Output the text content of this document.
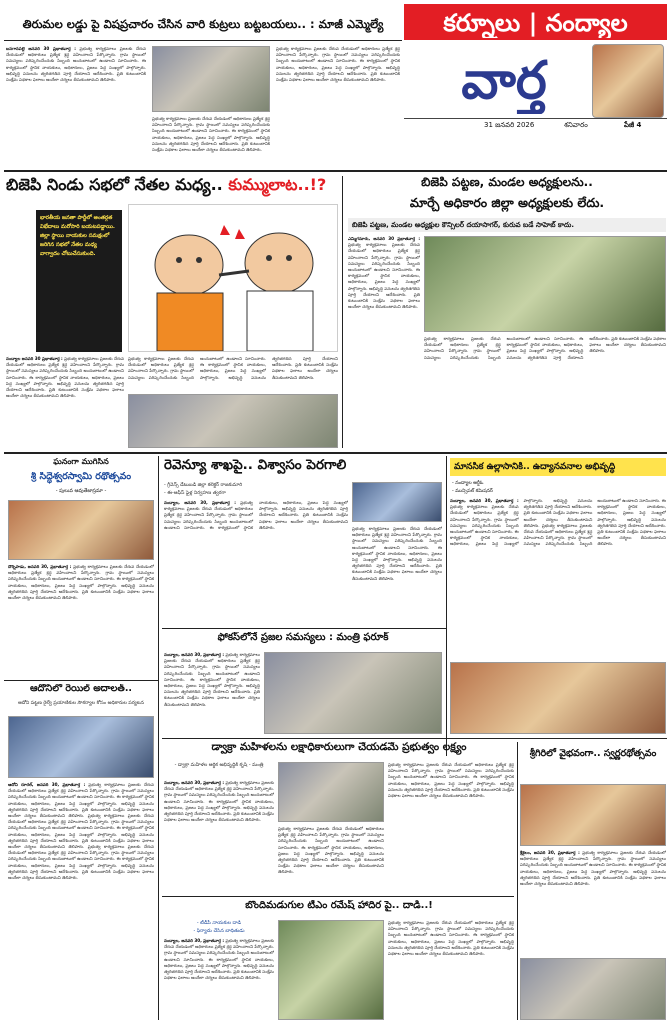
కర్నూలు | నంద్యాల
వార్త
31 జనవరి 2026	శనివారం	పేజీ 4
తిరుమల లడ్డు పై విషప్రచారం చేసిన వారి కుట్రలు బట్టబయలు.. : మాజీ ఎమ్మెల్యే
బనగానపల్లె జనవరి 30 ప్రభాతవార్త : ప్రభుత్వ కార్యక్రమాలు ప్రజలకు చేరువ చేయడంలో అధికారులు ప్రత్యేక శ్రద్ధ వహించాలని పేర్కొన్నారు. గ్రామ స్థాయిలో సమస్యలు పరిష్కరించేందుకు సిబ్బంది అందుబాటులో ఉండాలని సూచించారు. ఈ కార్యక్రమంలో స్థానిక నాయకులు, అధికారులు, ప్రజలు పెద్ద సంఖ్యలో పాల్గొన్నారు. అభివృద్ధి పనులను త్వరితగతిన పూర్తి చేయాలని ఆదేశించారు. ప్రతి కుటుంబానికి సంక్షేమ పథకాల ఫలాలు అందేలా చర్యలు తీసుకుంటామని తెలిపారు.
ప్రభుత్వ కార్యక్రమాలు ప్రజలకు చేరువ చేయడంలో అధికారులు ప్రత్యేక శ్రద్ధ వహించాలని పేర్కొన్నారు. గ్రామ స్థాయిలో సమస్యలు పరిష్కరించేందుకు సిబ్బంది అందుబాటులో ఉండాలని సూచించారు. ఈ కార్యక్రమంలో స్థానిక నాయకులు, అధికారులు, ప్రజలు పెద్ద సంఖ్యలో పాల్గొన్నారు. అభివృద్ధి పనులను త్వరితగతిన పూర్తి చేయాలని ఆదేశించారు. ప్రతి కుటుంబానికి సంక్షేమ పథకాల ఫలాలు అందేలా చర్యలు తీసుకుంటామని తెలిపారు.
ప్రభుత్వ కార్యక్రమాలు ప్రజలకు చేరువ చేయడంలో అధికారులు ప్రత్యేక శ్రద్ధ వహించాలని పేర్కొన్నారు. గ్రామ స్థాయిలో సమస్యలు పరిష్కరించేందుకు సిబ్బంది అందుబాటులో ఉండాలని సూచించారు. ఈ కార్యక్రమంలో స్థానిక నాయకులు, అధికారులు, ప్రజలు పెద్ద సంఖ్యలో పాల్గొన్నారు. అభివృద్ధి పనులను త్వరితగతిన పూర్తి చేయాలని ఆదేశించారు. ప్రతి కుటుంబానికి సంక్షేమ పథకాల ఫలాలు అందేలా చర్యలు తీసుకుంటామని తెలిపారు.
బిజెపి నిండు సభలో నేతల మధ్య.. కుమ్ములాట..!?
భారతీయ జనతా పార్టీలో అంతర్గత విభేదాలు మరోసారి బయటపడ్డాయి. జిల్లా స్థాయి నాయకుల సమక్షంలో జరిగిన సభలో నేతల మధ్య వాగ్వాదం చోటుచేసుకుంది.
ప్రభుత్వ కార్యక్రమాలు ప్రజలకు చేరువ చేయడంలో అధికారులు ప్రత్యేక శ్రద్ధ వహించాలని పేర్కొన్నారు. గ్రామ స్థాయిలో సమస్యలు పరిష్కరించేందుకు సిబ్బంది అందుబాటులో ఉండాలని సూచించారు. ఈ కార్యక్రమంలో స్థానిక నాయకులు, అధికారులు, ప్రజలు పెద్ద సంఖ్యలో పాల్గొన్నారు. అభివృద్ధి పనులను త్వరితగతిన పూర్తి చేయాలని ఆదేశించారు. ప్రతి కుటుంబానికి సంక్షేమ పథకాల ఫలాలు అందేలా చర్యలు తీసుకుంటామని తెలిపారు.
నంద్యాల జనవరి 30 ప్రభాతవార్త : ప్రభుత్వ కార్యక్రమాలు ప్రజలకు చేరువ చేయడంలో అధికారులు ప్రత్యేక శ్రద్ధ వహించాలని పేర్కొన్నారు. గ్రామ స్థాయిలో సమస్యలు పరిష్కరించేందుకు సిబ్బంది అందుబాటులో ఉండాలని సూచించారు. ఈ కార్యక్రమంలో స్థానిక నాయకులు, అధికారులు, ప్రజలు పెద్ద సంఖ్యలో పాల్గొన్నారు. అభివృద్ధి పనులను త్వరితగతిన పూర్తి చేయాలని ఆదేశించారు. ప్రతి కుటుంబానికి సంక్షేమ పథకాల ఫలాలు అందేలా చర్యలు తీసుకుంటామని తెలిపారు.
బిజెపి పట్టణ, మండల అధ్యక్షులను..
మార్చే అధికారం జిల్లా అధ్యక్షులకు లేదు.
బిజెపి పట్టణ, మండల అధ్యక్షుల కౌన్సిలర్ దయాసాగర్, కురువ బడే సాహెబ్ కాదు.
ఎమ్మిగనూరు, జనవరి 30 ప్రభాతవార్త : ప్రభుత్వ కార్యక్రమాలు ప్రజలకు చేరువ చేయడంలో అధికారులు ప్రత్యేక శ్రద్ధ వహించాలని పేర్కొన్నారు. గ్రామ స్థాయిలో సమస్యలు పరిష్కరించేందుకు సిబ్బంది అందుబాటులో ఉండాలని సూచించారు. ఈ కార్యక్రమంలో స్థానిక నాయకులు, అధికారులు, ప్రజలు పెద్ద సంఖ్యలో పాల్గొన్నారు. అభివృద్ధి పనులను త్వరితగతిన పూర్తి చేయాలని ఆదేశించారు. ప్రతి కుటుంబానికి సంక్షేమ పథకాల ఫలాలు అందేలా చర్యలు తీసుకుంటామని తెలిపారు.
ప్రభుత్వ కార్యక్రమాలు ప్రజలకు చేరువ చేయడంలో అధికారులు ప్రత్యేక శ్రద్ధ వహించాలని పేర్కొన్నారు. గ్రామ స్థాయిలో సమస్యలు పరిష్కరించేందుకు సిబ్బంది అందుబాటులో ఉండాలని సూచించారు. ఈ కార్యక్రమంలో స్థానిక నాయకులు, అధికారులు, ప్రజలు పెద్ద సంఖ్యలో పాల్గొన్నారు. అభివృద్ధి పనులను త్వరితగతిన పూర్తి చేయాలని ఆదేశించారు. ప్రతి కుటుంబానికి సంక్షేమ పథకాల ఫలాలు అందేలా చర్యలు తీసుకుంటామని తెలిపారు.
ఘనంగా ముగిసిన
శ్రీ సిద్ధేశ్వరస్వామి రథోత్సవం
- పులువ ఆవుతేజాస్రమా -
దొర్నిపాడు, జనవరి 30, ప్రభాతవార్త : ప్రభుత్వ కార్యక్రమాలు ప్రజలకు చేరువ చేయడంలో అధికారులు ప్రత్యేక శ్రద్ధ వహించాలని పేర్కొన్నారు. గ్రామ స్థాయిలో సమస్యలు పరిష్కరించేందుకు సిబ్బంది అందుబాటులో ఉండాలని సూచించారు. ఈ కార్యక్రమంలో స్థానిక నాయకులు, అధికారులు, ప్రజలు పెద్ద సంఖ్యలో పాల్గొన్నారు. అభివృద్ధి పనులను త్వరితగతిన పూర్తి చేయాలని ఆదేశించారు. ప్రతి కుటుంబానికి సంక్షేమ పథకాల ఫలాలు అందేలా చర్యలు తీసుకుంటామని తెలిపారు.
ఆదోనిలో రెయిల్ అదాలత్..
ఆదోని పట్టణ రైల్వే ప్రయాణికుల సౌకర్యాల కోసం అధికారుల పర్యటన
ఆదోని రూరల్, జనవరి 30, ప్రభాతవార్త : ప్రభుత్వ కార్యక్రమాలు ప్రజలకు చేరువ చేయడంలో అధికారులు ప్రత్యేక శ్రద్ధ వహించాలని పేర్కొన్నారు. గ్రామ స్థాయిలో సమస్యలు పరిష్కరించేందుకు సిబ్బంది అందుబాటులో ఉండాలని సూచించారు. ఈ కార్యక్రమంలో స్థానిక నాయకులు, అధికారులు, ప్రజలు పెద్ద సంఖ్యలో పాల్గొన్నారు. అభివృద్ధి పనులను త్వరితగతిన పూర్తి చేయాలని ఆదేశించారు. ప్రతి కుటుంబానికి సంక్షేమ పథకాల ఫలాలు అందేలా చర్యలు తీసుకుంటామని తెలిపారు. ప్రభుత్వ కార్యక్రమాలు ప్రజలకు చేరువ చేయడంలో అధికారులు ప్రత్యేక శ్రద్ధ వహించాలని పేర్కొన్నారు. గ్రామ స్థాయిలో సమస్యలు పరిష్కరించేందుకు సిబ్బంది అందుబాటులో ఉండాలని సూచించారు. ఈ కార్యక్రమంలో స్థానిక నాయకులు, అధికారులు, ప్రజలు పెద్ద సంఖ్యలో పాల్గొన్నారు. అభివృద్ధి పనులను త్వరితగతిన పూర్తి చేయాలని ఆదేశించారు. ప్రతి కుటుంబానికి సంక్షేమ పథకాల ఫలాలు అందేలా చర్యలు తీసుకుంటామని తెలిపారు. ప్రభుత్వ కార్యక్రమాలు ప్రజలకు చేరువ చేయడంలో అధికారులు ప్రత్యేక శ్రద్ధ వహించాలని పేర్కొన్నారు. గ్రామ స్థాయిలో సమస్యలు పరిష్కరించేందుకు సిబ్బంది అందుబాటులో ఉండాలని సూచించారు. ఈ కార్యక్రమంలో స్థానిక నాయకులు, అధికారులు, ప్రజలు పెద్ద సంఖ్యలో పాల్గొన్నారు. అభివృద్ధి పనులను త్వరితగతిన పూర్తి చేయాలని ఆదేశించారు. ప్రతి కుటుంబానికి సంక్షేమ పథకాల ఫలాలు అందేలా చర్యలు తీసుకుంటామని తెలిపారు.
రెవెన్యూ శాఖపై.. విశ్వాసం పెరగాలి
- గ్రీవెన్స్ డేటుబడి జిల్లా కలెక్టర్ రాజకుమారి
- ఈ-ఆఫీస్ ఫైళ్ల నిర్వహణ త్వరగా
నంద్యాల, జనవరి 30, ప్రభాతవార్త : ప్రభుత్వ కార్యక్రమాలు ప్రజలకు చేరువ చేయడంలో అధికారులు ప్రత్యేక శ్రద్ధ వహించాలని పేర్కొన్నారు. గ్రామ స్థాయిలో సమస్యలు పరిష్కరించేందుకు సిబ్బంది అందుబాటులో ఉండాలని సూచించారు. ఈ కార్యక్రమంలో స్థానిక నాయకులు, అధికారులు, ప్రజలు పెద్ద సంఖ్యలో పాల్గొన్నారు. అభివృద్ధి పనులను త్వరితగతిన పూర్తి చేయాలని ఆదేశించారు. ప్రతి కుటుంబానికి సంక్షేమ పథకాల ఫలాలు అందేలా చర్యలు తీసుకుంటామని తెలిపారు.	ప్రభుత్వ కార్యక్రమాలు ప్రజలకు చేరువ చేయడంలో అధికారులు ప్రత్యేక శ్రద్ధ వహించాలని పేర్కొన్నారు. గ్రామ స్థాయిలో సమస్యలు పరిష్కరించేందుకు సిబ్బంది అందుబాటులో ఉండాలని సూచించారు. ఈ కార్యక్రమంలో స్థానిక నాయకులు, అధికారులు, ప్రజలు పెద్ద సంఖ్యలో పాల్గొన్నారు. అభివృద్ధి పనులను త్వరితగతిన పూర్తి చేయాలని ఆదేశించారు. ప్రతి కుటుంబానికి సంక్షేమ పథకాల ఫలాలు అందేలా చర్యలు తీసుకుంటామని తెలిపారు.
ఫోకస్‌లోనే ప్రజల సమస్యలు : మంత్రి ఫరూక్
నంద్యాల, జనవరి 30, ప్రభాతవార్త : ప్రభుత్వ కార్యక్రమాలు ప్రజలకు చేరువ చేయడంలో అధికారులు ప్రత్యేక శ్రద్ధ వహించాలని పేర్కొన్నారు. గ్రామ స్థాయిలో సమస్యలు పరిష్కరించేందుకు సిబ్బంది అందుబాటులో ఉండాలని సూచించారు. ఈ కార్యక్రమంలో స్థానిక నాయకులు, అధికారులు, ప్రజలు పెద్ద సంఖ్యలో పాల్గొన్నారు. అభివృద్ధి పనులను త్వరితగతిన పూర్తి చేయాలని ఆదేశించారు. ప్రతి కుటుంబానికి సంక్షేమ పథకాల ఫలాలు అందేలా చర్యలు తీసుకుంటామని తెలిపారు.
మానసిక ఉల్లాసానికి.. ఉద్యానవనాల అభివృద్ధి
- నంద్యాల ఆర్డీఓ
- మున్సిపల్ కమిషనర్
నంద్యాల, జనవరి 30, ప్రభాతవార్త : ప్రభుత్వ కార్యక్రమాలు ప్రజలకు చేరువ చేయడంలో అధికారులు ప్రత్యేక శ్రద్ధ వహించాలని పేర్కొన్నారు. గ్రామ స్థాయిలో సమస్యలు పరిష్కరించేందుకు సిబ్బంది అందుబాటులో ఉండాలని సూచించారు. ఈ కార్యక్రమంలో స్థానిక నాయకులు, అధికారులు, ప్రజలు పెద్ద సంఖ్యలో పాల్గొన్నారు. అభివృద్ధి పనులను త్వరితగతిన పూర్తి చేయాలని ఆదేశించారు. ప్రతి కుటుంబానికి సంక్షేమ పథకాల ఫలాలు అందేలా చర్యలు తీసుకుంటామని తెలిపారు. ప్రభుత్వ కార్యక్రమాలు ప్రజలకు చేరువ చేయడంలో అధికారులు ప్రత్యేక శ్రద్ధ వహించాలని పేర్కొన్నారు. గ్రామ స్థాయిలో సమస్యలు పరిష్కరించేందుకు సిబ్బంది అందుబాటులో ఉండాలని సూచించారు. ఈ కార్యక్రమంలో స్థానిక నాయకులు, అధికారులు, ప్రజలు పెద్ద సంఖ్యలో పాల్గొన్నారు. అభివృద్ధి పనులను త్వరితగతిన పూర్తి చేయాలని ఆదేశించారు. ప్రతి కుటుంబానికి సంక్షేమ పథకాల ఫలాలు అందేలా చర్యలు తీసుకుంటామని తెలిపారు.
డ్వాక్రా మహిళలను లక్షాధికారులుగా చేయడమే ప్రభుత్వం లక్ష్యం
- డ్వాక్రా మహిళల ఆర్థిక అభివృద్ధికి కృషి - మంత్రి
నంద్యాల, జనవరి 30, ప్రభాతవార్త : ప్రభుత్వ కార్యక్రమాలు ప్రజలకు చేరువ చేయడంలో అధికారులు ప్రత్యేక శ్రద్ధ వహించాలని పేర్కొన్నారు. గ్రామ స్థాయిలో సమస్యలు పరిష్కరించేందుకు సిబ్బంది అందుబాటులో ఉండాలని సూచించారు. ఈ కార్యక్రమంలో స్థానిక నాయకులు, అధికారులు, ప్రజలు పెద్ద సంఖ్యలో పాల్గొన్నారు. అభివృద్ధి పనులను త్వరితగతిన పూర్తి చేయాలని ఆదేశించారు. ప్రతి కుటుంబానికి సంక్షేమ పథకాల ఫలాలు అందేలా చర్యలు తీసుకుంటామని తెలిపారు.
ప్రభుత్వ కార్యక్రమాలు ప్రజలకు చేరువ చేయడంలో అధికారులు ప్రత్యేక శ్రద్ధ వహించాలని పేర్కొన్నారు. గ్రామ స్థాయిలో సమస్యలు పరిష్కరించేందుకు సిబ్బంది అందుబాటులో ఉండాలని సూచించారు. ఈ కార్యక్రమంలో స్థానిక నాయకులు, అధికారులు, ప్రజలు పెద్ద సంఖ్యలో పాల్గొన్నారు. అభివృద్ధి పనులను త్వరితగతిన పూర్తి చేయాలని ఆదేశించారు. ప్రతి కుటుంబానికి సంక్షేమ పథకాల ఫలాలు అందేలా చర్యలు తీసుకుంటామని తెలిపారు.
ప్రభుత్వ కార్యక్రమాలు ప్రజలకు చేరువ చేయడంలో అధికారులు ప్రత్యేక శ్రద్ధ వహించాలని పేర్కొన్నారు. గ్రామ స్థాయిలో సమస్యలు పరిష్కరించేందుకు సిబ్బంది అందుబాటులో ఉండాలని సూచించారు. ఈ కార్యక్రమంలో స్థానిక నాయకులు, అధికారులు, ప్రజలు పెద్ద సంఖ్యలో పాల్గొన్నారు. అభివృద్ధి పనులను త్వరితగతిన పూర్తి చేయాలని ఆదేశించారు. ప్రతి కుటుంబానికి సంక్షేమ పథకాల ఫలాలు అందేలా చర్యలు తీసుకుంటామని తెలిపారు.
శ్రీగిరిలో వైభవంగా.. స్వర్ణరథోత్సవం
శ్రీశైలం, జనవరి 30, ప్రభాతవార్త : ప్రభుత్వ కార్యక్రమాలు ప్రజలకు చేరువ చేయడంలో అధికారులు ప్రత్యేక శ్రద్ధ వహించాలని పేర్కొన్నారు. గ్రామ స్థాయిలో సమస్యలు పరిష్కరించేందుకు సిబ్బంది అందుబాటులో ఉండాలని సూచించారు. ఈ కార్యక్రమంలో స్థానిక నాయకులు, అధికారులు, ప్రజలు పెద్ద సంఖ్యలో పాల్గొన్నారు. అభివృద్ధి పనులను త్వరితగతిన పూర్తి చేయాలని ఆదేశించారు. ప్రతి కుటుంబానికి సంక్షేమ పథకాల ఫలాలు అందేలా చర్యలు తీసుకుంటామని తెలిపారు.
బొందిమడుగుల టీఎం రమేష్ హాదిర పై.. దాడి..!
- టీడీపీ నాయకుల దాడి
- ఫిర్యాదు చేసిన బాధితుడు
నంద్యాల, జనవరి 30, ప్రభాతవార్త : ప్రభుత్వ కార్యక్రమాలు ప్రజలకు చేరువ చేయడంలో అధికారులు ప్రత్యేక శ్రద్ధ వహించాలని పేర్కొన్నారు. గ్రామ స్థాయిలో సమస్యలు పరిష్కరించేందుకు సిబ్బంది అందుబాటులో ఉండాలని సూచించారు. ఈ కార్యక్రమంలో స్థానిక నాయకులు, అధికారులు, ప్రజలు పెద్ద సంఖ్యలో పాల్గొన్నారు. అభివృద్ధి పనులను త్వరితగతిన పూర్తి చేయాలని ఆదేశించారు. ప్రతి కుటుంబానికి సంక్షేమ పథకాల ఫలాలు అందేలా చర్యలు తీసుకుంటామని తెలిపారు.
ప్రభుత్వ కార్యక్రమాలు ప్రజలకు చేరువ చేయడంలో అధికారులు ప్రత్యేక శ్రద్ధ వహించాలని పేర్కొన్నారు. గ్రామ స్థాయిలో సమస్యలు పరిష్కరించేందుకు సిబ్బంది అందుబాటులో ఉండాలని సూచించారు. ఈ కార్యక్రమంలో స్థానిక నాయకులు, అధికారులు, ప్రజలు పెద్ద సంఖ్యలో పాల్గొన్నారు. అభివృద్ధి పనులను త్వరితగతిన పూర్తి చేయాలని ఆదేశించారు. ప్రతి కుటుంబానికి సంక్షేమ పథకాల ఫలాలు అందేలా చర్యలు తీసుకుంటామని తెలిపారు.
